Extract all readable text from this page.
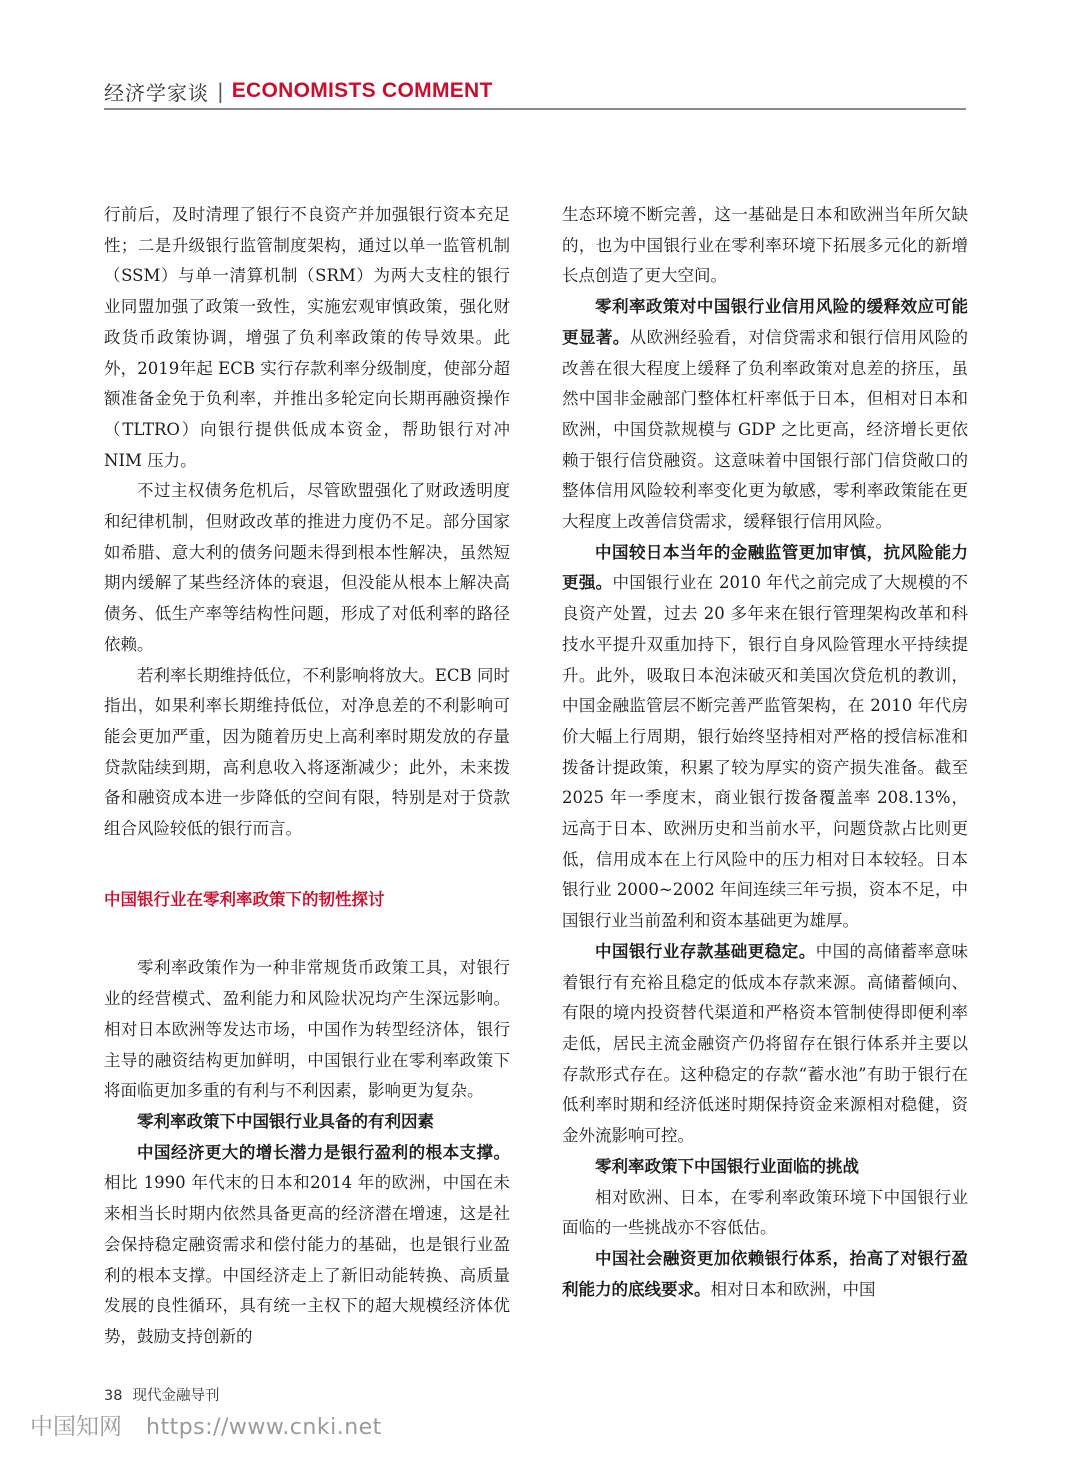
经济学家谈 | ECONOMISTS COMMENT

行前后，及时清理了银行不良资产并加强银行资本充足性；二是升级银行监管制度架构，通过以单一监管机制（SSM）与单一清算机制（SRM）为两大支柱的银行业同盟加强了政策一致性，实施宏观审慎政策，强化财政货币政策协调，增强了负利率政策的传导效果。此外，2019年起 ECB 实行存款利率分级制度，使部分超额准备金免于负利率，并推出多轮定向长期再融资操作（TLTRO）向银行提供低成本资金，帮助银行对冲 NIM 压力。

不过主权债务危机后，尽管欧盟强化了财政透明度和纪律机制，但财政改革的推进力度仍不足。部分国家如希腊、意大利的债务问题未得到根本性解决，虽然短期内缓解了某些经济体的衰退，但没能从根本上解决高债务、低生产率等结构性问题，形成了对低利率的路径依赖。

若利率长期维持低位，不利影响将放大。ECB 同时指出，如果利率长期维持低位，对净息差的不利影响可能会更加严重，因为随着历史上高利率时期发放的存量贷款陆续到期，高利息收入将逐渐减少；此外，未来拨备和融资成本进一步降低的空间有限，特别是对于贷款组合风险较低的银行而言。

中国银行业在零利率政策下的韧性探讨

零利率政策作为一种非常规货币政策工具，对银行业的经营模式、盈利能力和风险状况均产生深远影响。相对日本欧洲等发达市场，中国作为转型经济体，银行主导的融资结构更加鲜明，中国银行业在零利率政策下将面临更加多重的有利与不利因素，影响更为复杂。

零利率政策下中国银行业具备的有利因素

中国经济更大的增长潜力是银行盈利的根本支撑。相比 1990 年代末的日本和2014 年的欧洲，中国在未来相当长时期内依然具备更高的经济潜在增速，这是社会保持稳定融资需求和偿付能力的基础，也是银行业盈利的根本支撑。中国经济走上了新旧动能转换、高质量发展的良性循环，具有统一主权下的超大规模经济体优势，鼓励支持创新的

生态环境不断完善，这一基础是日本和欧洲当年所欠缺的，也为中国银行业在零利率环境下拓展多元化的新增长点创造了更大空间。

零利率政策对中国银行业信用风险的缓释效应可能更显著。从欧洲经验看，对信贷需求和银行信用风险的改善在很大程度上缓释了负利率政策对息差的挤压，虽然中国非金融部门整体杠杆率低于日本，但相对日本和欧洲，中国贷款规模与 GDP 之比更高，经济增长更依赖于银行信贷融资。这意味着中国银行部门信贷敞口的整体信用风险较利率变化更为敏感，零利率政策能在更大程度上改善信贷需求，缓释银行信用风险。

中国较日本当年的金融监管更加审慎，抗风险能力更强。中国银行业在 2010 年代之前完成了大规模的不良资产处置，过去 20 多年来在银行管理架构改革和科技水平提升双重加持下，银行自身风险管理水平持续提升。此外，吸取日本泡沫破灭和美国次贷危机的教训，中国金融监管层不断完善严监管架构，在 2010 年代房价大幅上行周期，银行始终坚持相对严格的授信标准和拨备计提政策，积累了较为厚实的资产损失准备。截至 2025 年一季度末，商业银行拨备覆盖率 208.13%，远高于日本、欧洲历史和当前水平，问题贷款占比则更低，信用成本在上行风险中的压力相对日本较轻。日本银行业 2000~2002 年间连续三年亏损，资本不足，中国银行业当前盈利和资本基础更为雄厚。

中国银行业存款基础更稳定。中国的高储蓄率意味着银行有充裕且稳定的低成本存款来源。高储蓄倾向、有限的境内投资替代渠道和严格资本管制使得即便利率走低，居民主流金融资产仍将留存在银行体系并主要以存款形式存在。这种稳定的存款“蓄水池”有助于银行在低利率时期和经济低迷时期保持资金来源相对稳健，资金外流影响可控。

零利率政策下中国银行业面临的挑战

相对欧洲、日本，在零利率政策环境下中国银行业面临的一些挑战亦不容低估。

中国社会融资更加依赖银行体系，抬高了对银行盈利能力的底线要求。相对日本和欧洲，中国

38 现代金融导刊
中国知网 https://www.cnki.net
